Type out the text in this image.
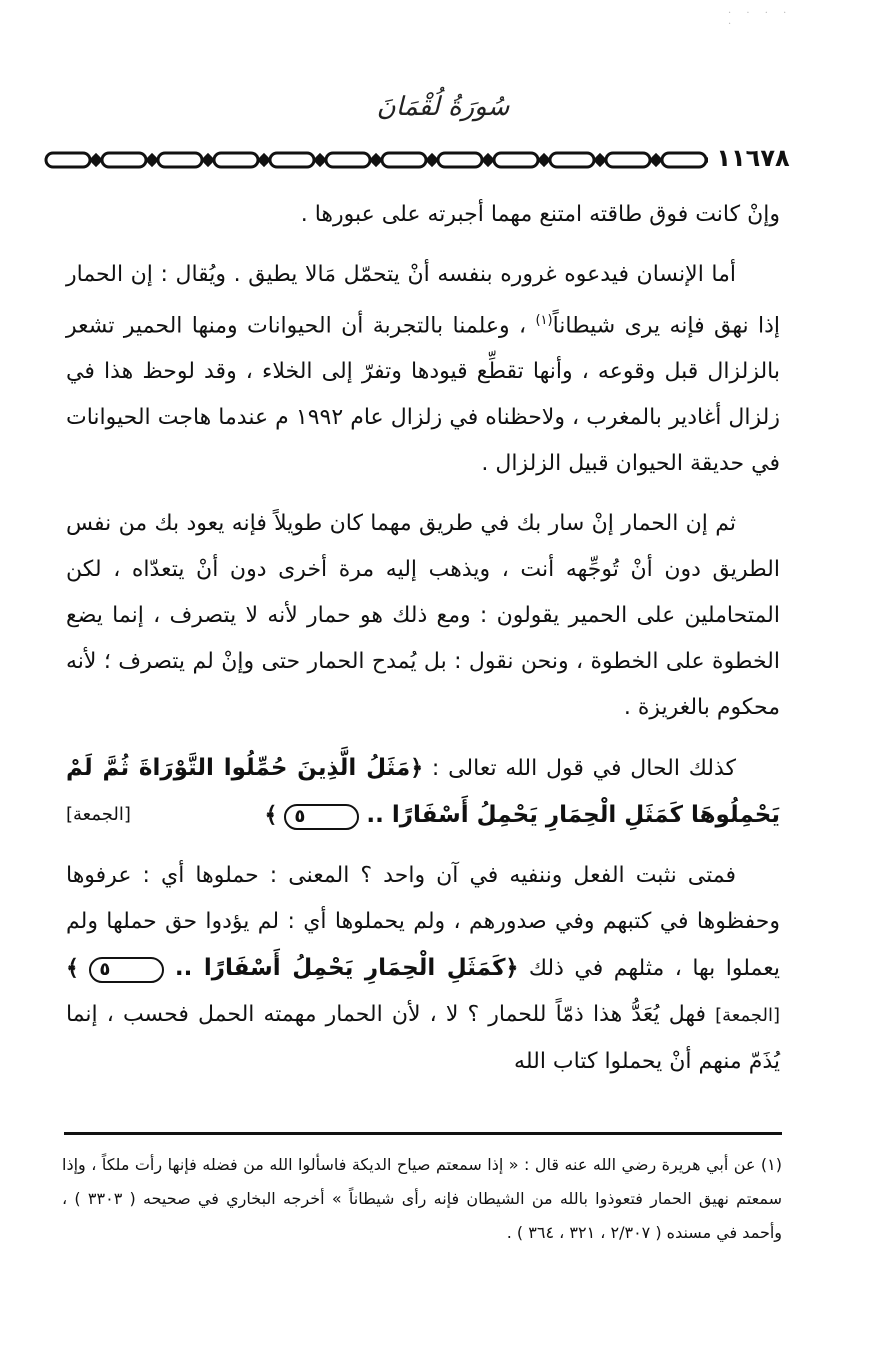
· · · · ·
سُورَةُ لُقْمَانَ
١١٦٧٨

وإنْ كانت فوق طاقته امتنع مهما أجبرته على عبورها .

أما الإنسان فيدعوه غروره بنفسه أنْ يتحمّل مَالا يطيق . ويُقال : إن الحمار إذا نهق فإنه يرى شيطاناً$^{(١)}$ ، وعلمنا بالتجربة أن الحيوانات ومنها الحمير تشعر بالزلزال قبل وقوعه ، وأنها تقطِّع قيودها وتفرّ إلى الخلاء ، وقد لوحظ هذا في زلزال أغادير بالمغرب ، ولاحظناه في زلزال عام ١٩٩٢ م عندما هاجت الحيوانات في حديقة الحيوان قبيل الزلزال .

ثم إن الحمار إنْ سار بك في طريق مهما كان طويلاً فإنه يعود بك من نفس الطريق دون أنْ تُوجِّهه أنت ، ويذهب إليه مرة أخرى دون أنْ يتعدّاه ، لكن المتحاملين على الحمير يقولون : ومع ذلك هو حمار لأنه لا يتصرف ، إنما يضع الخطوة على الخطوة ، ونحن نقول : بل يُمدح الحمار حتى وإنْ لم يتصرف ؛ لأنه محكوم بالغريزة .

كذلك الحال في قول الله تعالى : ﴿مَثَلُ الَّذِينَ حُمِّلُوا التَّوْرَاةَ ثُمَّ لَمْ يَحْمِلُوهَا كَمَثَلِ الْحِمَارِ يَحْمِلُ أَسْفَارًا .. ٥ ﴾
[الجمعة]

فمتى نثبت الفعل وننفيه في آن واحد ؟ المعنى : حملوها أي : عرفوها وحفظوها في كتبهم وفي صدورهم ، ولم يحملوها أي : لم يؤدوا حق حملها ولم يعملوا بها ، مثلهم في ذلك ﴿كَمَثَلِ الْحِمَارِ يَحْمِلُ أَسْفَارًا .. ٥ ﴾ [الجمعة] فهل يُعَدُّ هذا ذمّاً للحمار ؟ لا ، لأن الحمار مهمته الحمل فحسب ، إنما يُذَمّ منهم أنْ يحملوا كتاب الله

(١) عن أبي هريرة رضي الله عنه قال : « إذا سمعتم صياح الديكة فاسألوا الله من فضله فإنها رأت ملكاً ، وإذا سمعتم نهيق الحمار فتعوذوا بالله من الشيطان فإنه رأى شيطاناً » أخرجه البخاري في صحيحه ( ٣٣٠٣ ) ، وأحمد في مسنده ( ٢/٣٠٧ ، ٣٢١ ، ٣٦٤ ) .
